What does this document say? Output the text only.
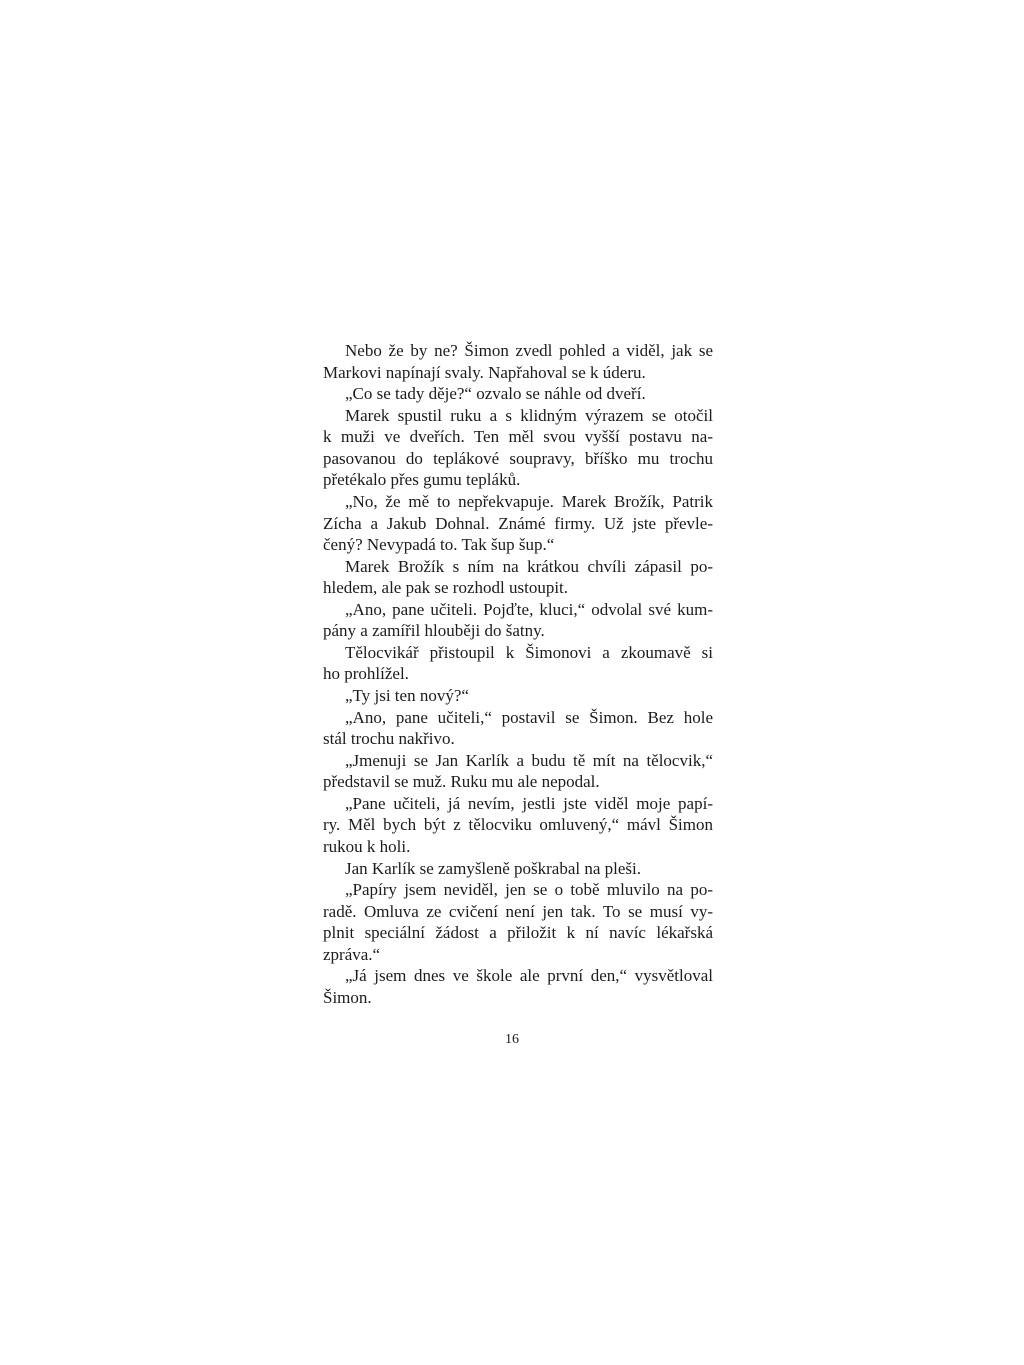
Nebo že by ne? Šimon zvedl pohled a viděl, jak se
Markovi napínají svaly. Napřahoval se k úderu.
„Co se tady děje?“ ozvalo se náhle od dveří.
Marek spustil ruku a s klidným výrazem se otočil
k muži ve dveřích. Ten měl svou vyšší postavu na-
pasovanou do teplákové soupravy, bříško mu trochu
přetékalo přes gumu tepláků.
„No, že mě to nepřekvapuje. Marek Brožík, Patrik
Zícha a Jakub Dohnal. Známé firmy. Už jste převle-
čený? Nevypadá to. Tak šup šup.“
Marek Brožík s ním na krátkou chvíli zápasil po-
hledem, ale pak se rozhodl ustoupit.
„Ano, pane učiteli. Pojďte, kluci,“ odvolal své kum-
pány a zamířil hlouběji do šatny.
Tělocvikář přistoupil k Šimonovi a zkoumavě si
ho prohlížel.
„Ty jsi ten nový?“
„Ano, pane učiteli,“ postavil se Šimon. Bez hole
stál trochu nakřivo.
„Jmenuji se Jan Karlík a budu tě mít na tělocvik,“
představil se muž. Ruku mu ale nepodal.
„Pane učiteli, já nevím, jestli jste viděl moje papí-
ry. Měl bych být z tělocviku omluvený,“ mávl Šimon
rukou k holi.
Jan Karlík se zamyšleně poškrabal na pleši.
„Papíry jsem neviděl, jen se o tobě mluvilo na po-
radě. Omluva ze cvičení není jen tak. To se musí vy-
plnit speciální žádost a přiložit k ní navíc lékařská
zpráva.“
„Já jsem dnes ve škole ale první den,“ vysvětloval
Šimon.
16
